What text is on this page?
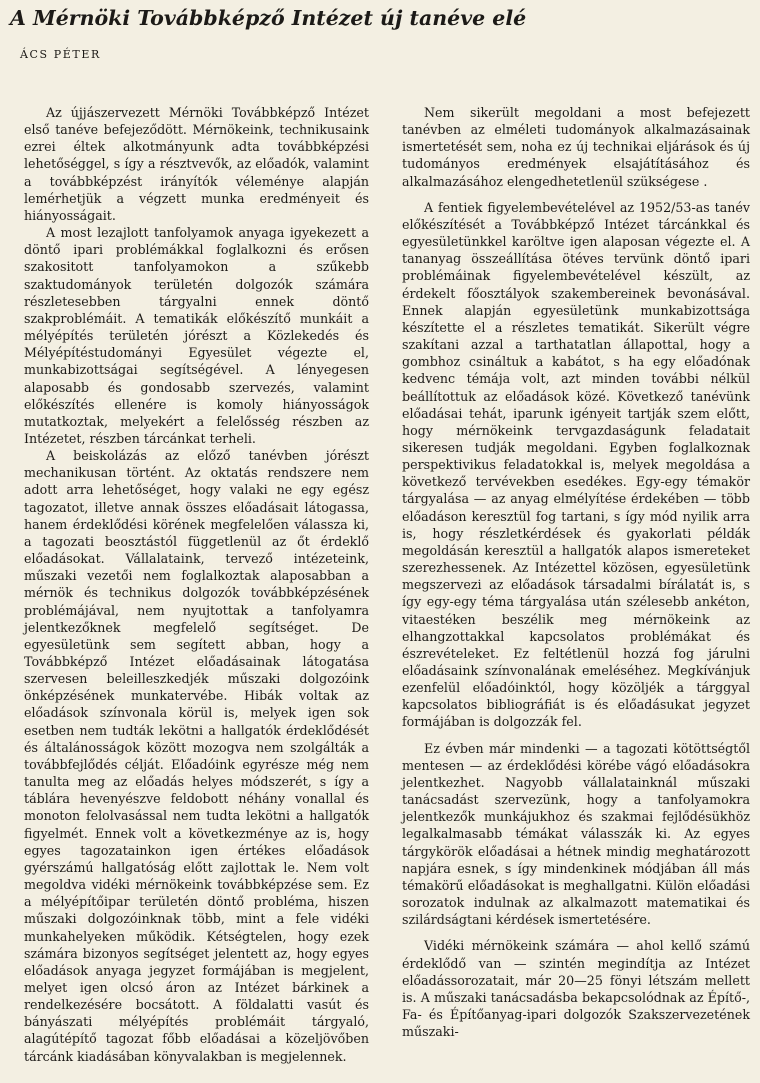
A Mérnöki Továbbképző Intézet új tanéve elé
ÁCS PÉTER

Az újjászervezett Mérnöki Továbbképző Intézet első tanéve befejeződött. Mérnökeink, technikusaink ezrei éltek alkotmányunk adta továbbképzési lehetőséggel, s így a résztvevők, az előadók, valamint a továbbképzést irányítók véleménye alapján lemérhetjük a végzett munka eredményeit és hiányosságait.

A most lezajlott tanfolyamok anyaga igyekezett a döntő ipari problémákkal foglalkozni és erősen szakositott tanfolyamokon a szűkebb szaktudományok területén dolgozók számára részletesebben tárgyalni ennek döntő szakproblémáit. A tematikák előkészítő munkáit a mélyépítés területén jórészt a Közlekedés és Mélyépítéstudományi Egyesület végezte el, munkabizottságai segítségével. A lényegesen alaposabb és gondosabb szervezés, valamint előkészítés ellenére is komoly hiányosságok mutatkoztak, melyekért a felelősség részben az Intézetet, részben tárcánkat terheli.

A beiskolázás az előző tanévben jórészt mechanikusan történt. Az oktatás rendszere nem adott arra lehetőséget, hogy valaki ne egy egész tagozatot, illetve annak összes előadásait látogassa, hanem érdeklődési körének megfelelően válassza ki, a tagozati beosztástól függetlenül az őt érdeklő előadásokat. Vállalataink, tervező intézeteink, műszaki vezetői nem foglalkoztak alaposabban a mérnök és technikus dolgozók továbbképzésének problémájával, nem nyujtottak a tanfolyamra jelentkezőknek megfelelő segítséget. De egyesületünk sem segített abban, hogy a Továbbképző Intézet előadásainak látogatása szervesen beleilleszkedjék műszaki dolgozóink önképzésének munkatervébe. Hibák voltak az előadások színvonala körül is, melyek igen sok esetben nem tudták lekötni a hallgatók érdeklődését és általánosságok között mozogva nem szolgálták a továbbfejlődés célját. Előadóink egyrésze még nem tanulta meg az előadás helyes módszerét, s így a táblára hevenyészve feldobott néhány vonallal és monoton felolvasással nem tudta lekötni a hallgatók figyelmét. Ennek volt a következménye az is, hogy egyes tagozatainkon igen értékes előadások gyérszámú hallgatóság előtt zajlottak le. Nem volt megoldva vidéki mérnökeink továbbképzése sem. Ez a mélyépítőipar területén döntő probléma, hiszen műszaki dolgozóinknak több, mint a fele vidéki munkahelyeken működik. Kétségtelen, hogy ezek számára bizonyos segítséget jelentett az, hogy egyes előadások anyaga jegyzet formájában is megjelent, melyet igen olcsó áron az Intézet bárkinek a rendelkezésére bocsátott. A földalatti vasút és bányászati mélyépítés problémáit tárgyaló, alagútépítő tagozat főbb előadásai a közeljövőben tárcánk kiadásában könyvalakban is megjelennek.

Nem sikerült megoldani a most befejezett tanévben az elméleti tudományok alkalmazásainak ismertetését sem, noha ez új technikai eljárások és új tudományos eredmények elsajátításához és alkalmazásához elengedhetetlenül szükségese .

A fentiek figyelembevételével az 1952/53-as tanév előkészítését a Továbbképző Intézet tárcánkkal és egyesületünkkel karöltve igen alaposan végezte el. A tananyag összeállítása ötéves tervünk döntő ipari problémáinak figyelembevételével készült, az érdekelt főosztályok szakembereinek bevonásával. Ennek alapján egyesületünk munkabizottsága készítette el a részletes tematikát. Sikerült végre szakítani azzal a tarthatatlan állapottal, hogy a gombhoz csináltuk a kabátot, s ha egy előadónak kedvenc témája volt, azt minden további nélkül beállítottuk az előadások közé. Következő tanévünk előadásai tehát, iparunk igényeit tartják szem előtt, hogy mérnökeink tervgazdaságunk feladatait sikeresen tudják megoldani. Egyben foglalkoznak perspektivikus feladatokkal is, melyek megoldása a következő tervévekben esedékes. Egy-egy témakör tárgyalása — az anyag elmélyítése érdekében — több előadáson keresztül fog tartani, s így mód nyilik arra is, hogy részletkérdések és gyakorlati példák megoldásán keresztül a hallgatók alapos ismereteket szerezhessenek. Az Intézettel közösen, egyesületünk megszervezi az előadások társadalmi bírálatát is, s így egy-egy téma tárgyalása után szélesebb ankéton, vitaestéken beszélik meg mérnökeink az elhangzottakkal kapcsolatos problémákat és észrevételeket. Ez feltétlenül hozzá fog járulni előadásaink színvonalának emeléséhez. Megkívánjuk ezenfelül előadóinktól, hogy közöljék a tárggyal kapcsolatos bibliográfiát is és előadásukat jegyzet formájában is dolgozzák fel.

Ez évben már mindenki — a tagozati kötöttségtől mentesen — az érdeklődési körébe vágó előadásokra jelentkezhet. Nagyobb vállalatainknál műszaki tanácsadást szervezünk, hogy a tanfolyamokra jelentkezők munkájukhoz és szakmai fejlődésükhöz legalkalmasabb témákat válasszák ki. Az egyes tárgykörök előadásai a hétnek mindig meghatározott napjára esnek, s így mindenkinek módjában áll más témakörű előadásokat is meghallgatni. Külön előadási sorozatok indulnak az alkalmazott matematikai és szilárdságtani kérdések ismertetésére.

Vidéki mérnökeink számára — ahol kellő számú érdeklődő van — szintén megindítja az Intézet előadássorozatait, már 20—25 fönyi létszám mellett is. A műszaki tanácsadásba bekapcsolódnak az Építő-, Fa- és Építőanyag-ipari dolgozók Szakszervezetének műszaki-
